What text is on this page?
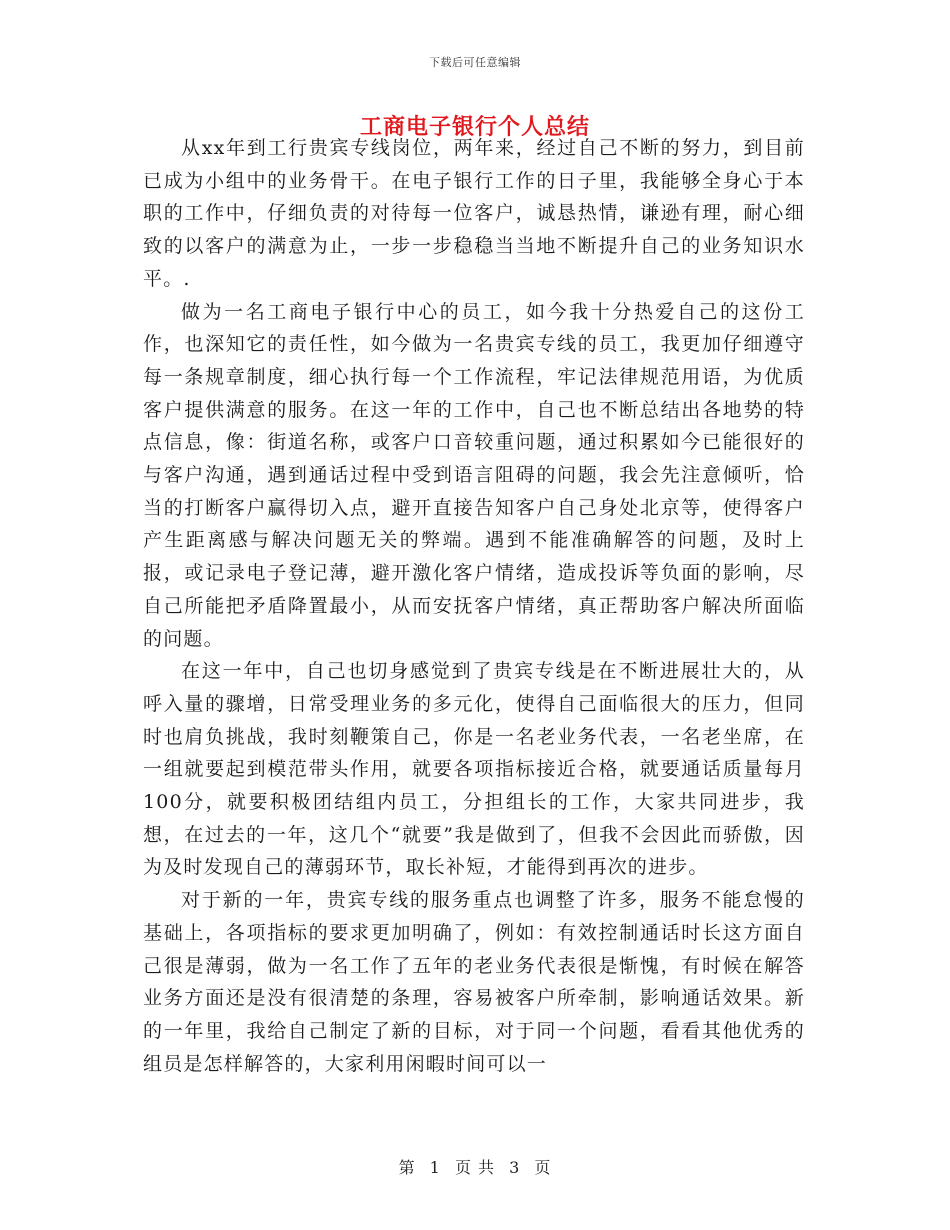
下载后可任意编辑
工商电子银行个人总结

从xx年到工行贵宾专线岗位，两年来，经过自己不断的努力，到目前已成为小组中的业务骨干。在电子银行工作的日子里，我能够全身心于本职的工作中，仔细负责的对待每一位客户，诚恳热情，谦逊有理，耐心细致的以客户的满意为止，一步一步稳稳当当地不断提升自己的业务知识水平。.

做为一名工商电子银行中心的员工，如今我十分热爱自己的这份工作，也深知它的责任性，如今做为一名贵宾专线的员工，我更加仔细遵守每一条规章制度，细心执行每一个工作流程，牢记法律规范用语，为优质客户提供满意的服务。在这一年的工作中，自己也不断总结出各地势的特点信息，像：街道名称，或客户口音较重问题，通过积累如今已能很好的与客户沟通，遇到通话过程中受到语言阻碍的问题，我会先注意倾听，恰当的打断客户赢得切入点，避开直接告知客户自己身处北京等，使得客户产生距离感与解决问题无关的弊端。遇到不能准确解答的问题，及时上报，或记录电子登记薄，避开激化客户情绪，造成投诉等负面的影响，尽自己所能把矛盾降置最小，从而安抚客户情绪，真正帮助客户解决所面临的问题。

在这一年中，自己也切身感觉到了贵宾专线是在不断进展壮大的，从呼入量的骤增，日常受理业务的多元化，使得自己面临很大的压力，但同时也肩负挑战，我时刻鞭策自己，你是一名老业务代表，一名老坐席，在一组就要起到模范带头作用，就要各项指标接近合格，就要通话质量每月100分，就要积极团结组内员工，分担组长的工作，大家共同进步，我想，在过去的一年，这几个“就要”我是做到了，但我不会因此而骄傲，因为及时发现自己的薄弱环节，取长补短，才能得到再次的进步。

对于新的一年，贵宾专线的服务重点也调整了许多，服务不能怠慢的基础上，各项指标的要求更加明确了，例如：有效控制通话时长这方面自己很是薄弱，做为一名工作了五年的老业务代表很是惭愧，有时候在解答业务方面还是没有很清楚的条理，容易被客户所牵制，影响通话效果。新的一年里，我给自己制定了新的目标，对于同一个问题，看看其他优秀的组员是怎样解答的，大家利用闲暇时间可以一

第 1 页 共 3 页
